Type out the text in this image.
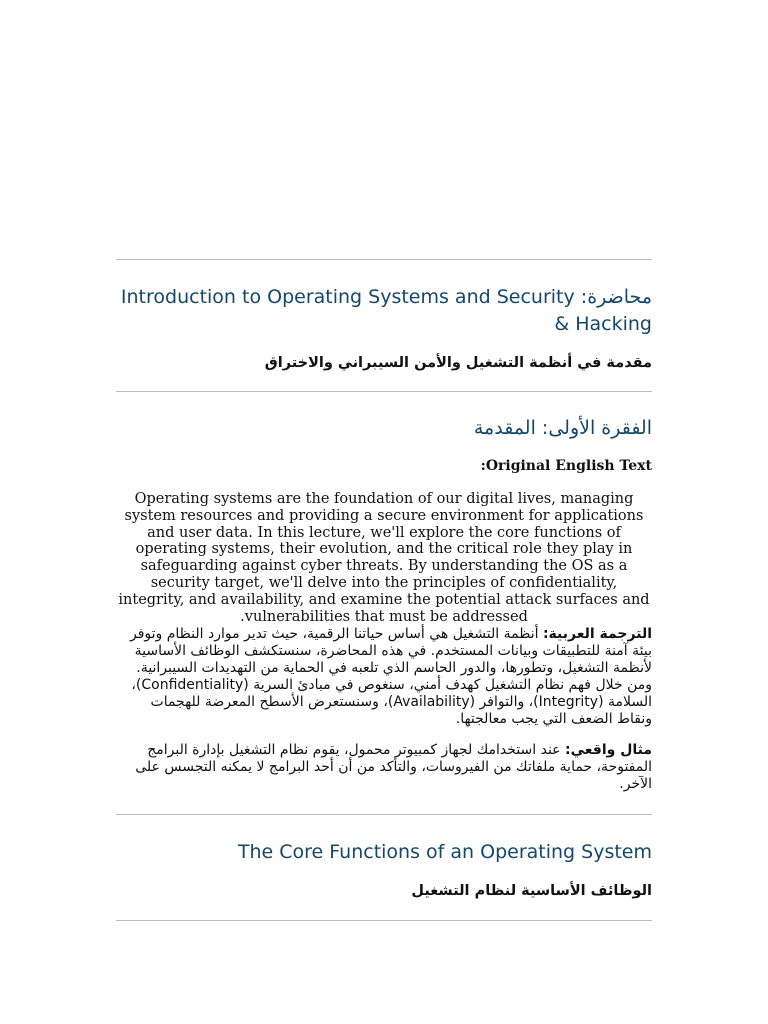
محاضرة: Introduction to Operating Systems and Security & Hacking

مقدمة في أنظمة التشغيل والأمن السيبراني والاختراق

الفقرة الأولى: المقدمة

Original English Text:

Operating systems are the foundation of our digital lives, managing system resources and providing a secure environment for applications and user data. In this lecture, we'll explore the core functions of operating systems, their evolution, and the critical role they play in safeguarding against cyber threats. By understanding the OS as a security target, we'll delve into the principles of confidentiality, integrity, and availability, and examine the potential attack surfaces and vulnerabilities that must be addressed.

الترجمة العربية: أنظمة التشغيل هي أساس حياتنا الرقمية، حيث تدير موارد النظام وتوفر بيئة آمنة للتطبيقات وبيانات المستخدم. في هذه المحاضرة، سنستكشف الوظائف الأساسية لأنظمة التشغيل، وتطورها، والدور الحاسم الذي تلعبه في الحماية من التهديدات السيبرانية. ومن خلال فهم نظام التشغيل كهدف أمني، سنغوص في مبادئ السرية (Confidentiality)، السلامة (Integrity)، والتوافر (Availability)، وسنستعرض الأسطح المعرضة للهجمات ونقاط الضعف التي يجب معالجتها.

مثال واقعي: عند استخدامك لجهاز كمبيوتر محمول، يقوم نظام التشغيل بإدارة البرامج المفتوحة، حماية ملفاتك من الفيروسات، والتأكد من أن أحد البرامج لا يمكنه التجسس على الآخر.

The Core Functions of an Operating System

الوظائف الأساسية لنظام التشغيل
